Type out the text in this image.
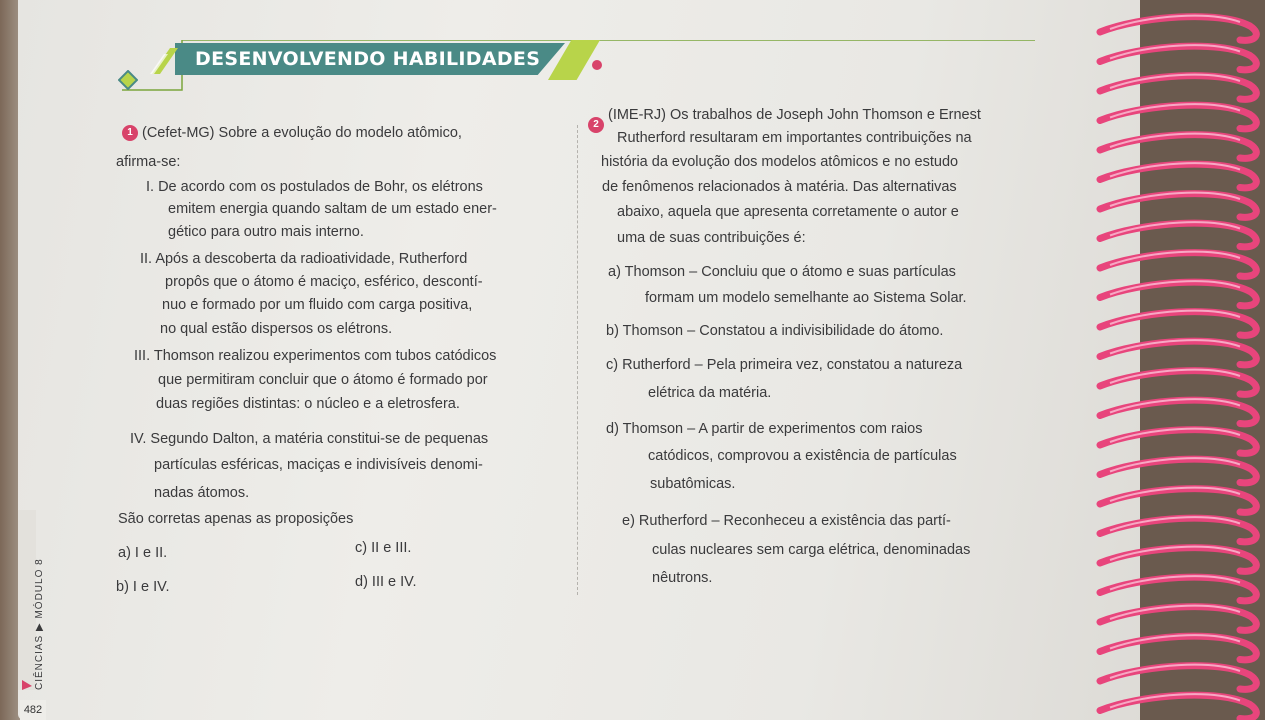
DESENVOLVENDO HABILIDADES
1 (Cefet-MG) Sobre a evolução do modelo atômico,
afirma-se:
I. De acordo com os postulados de Bohr, os elétrons
emitem energia quando saltam de um estado ener-
gético para outro mais interno.
II. Após a descoberta da radioatividade, Rutherford
propôs que o átomo é maciço, esférico, descontí-
nuo e formado por um fluido com carga positiva,
no qual estão dispersos os elétrons.
III. Thomson realizou experimentos com tubos catódicos
que permitiram concluir que o átomo é formado por
duas regiões distintas: o núcleo e a eletrosfera.
IV. Segundo Dalton, a matéria constitui-se de pequenas
partículas esféricas, maciças e indivisíveis denomi-
nadas átomos.
São corretas apenas as proposições
a) I e II.	c) II e III.
b) I e IV.	d) III e IV.
2
(IME-RJ) Os trabalhos de Joseph John Thomson e Ernest
Rutherford resultaram em importantes contribuições na
história da evolução dos modelos atômicos e no estudo
de fenômenos relacionados à matéria. Das alternativas
abaixo, aquela que apresenta corretamente o autor e
uma de suas contribuições é:
a) Thomson – Concluiu que o átomo e suas partículas
formam um modelo semelhante ao Sistema Solar.
b) Thomson – Constatou a indivisibilidade do átomo.
c) Rutherford – Pela primeira vez, constatou a natureza
elétrica da matéria.
d) Thomson – A partir de experimentos com raios
catódicos, comprovou a existência de partículas
subatômicas.
e) Rutherford – Reconheceu a existência das partí-
culas nucleares sem carga elétrica, denominadas
nêutrons.
CIÊNCIAS ▶ MÓDULO 8
482
